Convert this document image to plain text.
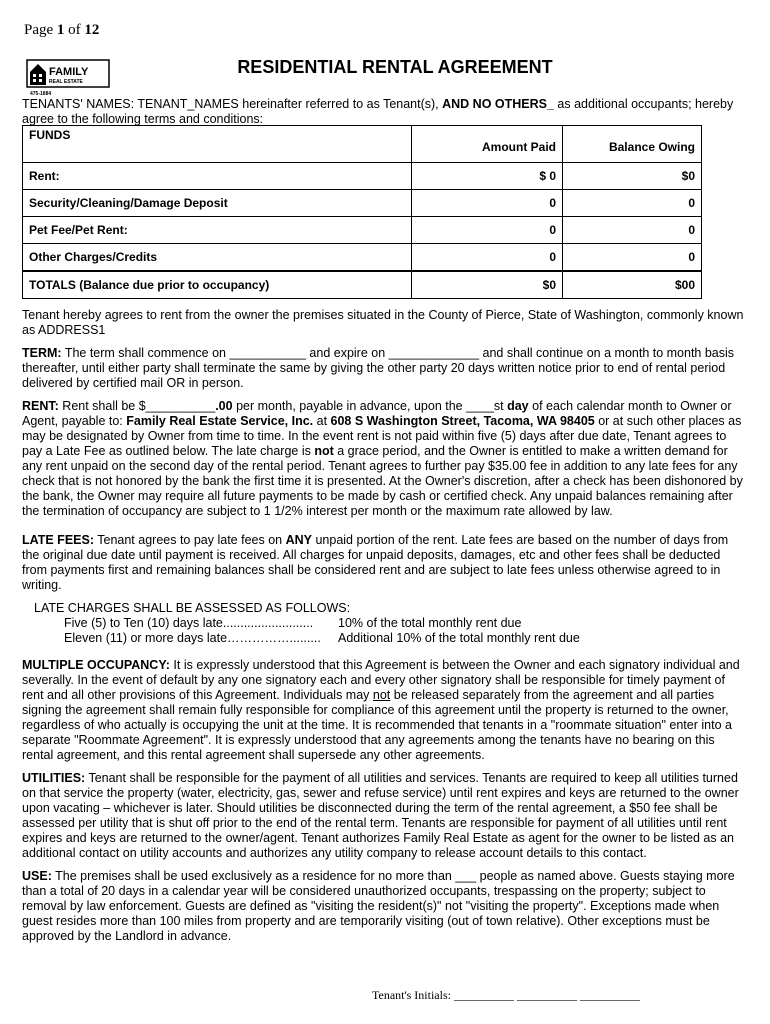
Page 1 of 12
FAMILY
REAL ESTATE
475-1884
RESIDENTIAL RENTAL AGREEMENT
TENANTS' NAMES: TENANT_NAMES hereinafter referred to as Tenant(s), AND NO OTHERS_ as additional occupants; hereby agree to the following terms and conditions:
FUNDS	Amount Paid	Balance Owing
Rent:	$ 0	$0
Security/Cleaning/Damage Deposit	0	0
Pet Fee/Pet Rent:	0	0
Other Charges/Credits	0	0
TOTALS (Balance due prior to occupancy)	$0	$00

Tenant hereby agrees to rent from the owner the premises situated in the County of Pierce, State of Washington, commonly known as ADDRESS1

TERM: The term shall commence on ___________ and expire on _____________ and shall continue on a month to month basis thereafter, until either party shall terminate the same by giving the other party 20 days written notice prior to end of rental period delivered by certified mail OR in person.

RENT: Rent shall be $__________.00 per month, payable in advance, upon the ____st day of each calendar month to Owner or Agent, payable to: Family Real Estate Service, Inc. at 608 S Washington Street, Tacoma, WA 98405 or at such other places as may be designated by Owner from time to time. In the event rent is not paid within five (5) days after due date, Tenant agrees to pay a Late Fee as outlined below. The late charge is not a grace period, and the Owner is entitled to make a written demand for any rent unpaid on the second day of the rental period. Tenant agrees to further pay $35.00 fee in addition to any late fees for any check that is not honored by the bank the first time it is presented. At the Owner's discretion, after a check has been dishonored by the bank, the Owner may require all future payments to be made by cash or certified check. Any unpaid balances remaining after the termination of occupancy are subject to 1 1/2% interest per month or the maximum rate allowed by law.

LATE FEES: Tenant agrees to pay late fees on ANY unpaid portion of the rent. Late fees are based on the number of days from the original due date until payment is received. All charges for unpaid deposits, damages, etc and other fees shall be deducted from payments first and remaining balances shall be considered rent and are subject to late fees unless otherwise agreed to in writing.

LATE CHARGES SHALL BE ASSESSED AS FOLLOWS:
Five (5) to Ten (10) days late..........................	10% of the total monthly rent due
Eleven (11) or more days late…………….........	Additional 10% of the total monthly rent due

MULTIPLE OCCUPANCY: It is expressly understood that this Agreement is between the Owner and each signatory individual and severally. In the event of default by any one signatory each and every other signatory shall be responsible for timely payment of rent and all other provisions of this Agreement. Individuals may not be released separately from the agreement and all parties signing the agreement shall remain fully responsible for compliance of this agreement until the property is returned to the owner, regardless of who actually is occupying the unit at the time. It is recommended that tenants in a "roommate situation" enter into a separate "Roommate Agreement". It is expressly understood that any agreements among the tenants have no bearing on this rental agreement, and this rental agreement shall supersede any other agreements.

UTILITIES: Tenant shall be responsible for the payment of all utilities and services. Tenants are required to keep all utilities turned on that service the property (water, electricity, gas, sewer and refuse service) until rent expires and keys are returned to the owner upon vacating – whichever is later. Should utilities be disconnected during the term of the rental agreement, a $50 fee shall be assessed per utility that is shut off prior to the end of the rental term. Tenants are responsible for payment of all utilities until rent expires and keys are returned to the owner/agent. Tenant authorizes Family Real Estate as agent for the owner to be listed as an additional contact on utility accounts and authorizes any utility company to release account details to this contact.

USE: The premises shall be used exclusively as a residence for no more than ___ people as named above. Guests staying more than a total of 20 days in a calendar year will be considered unauthorized occupants, trespassing on the property; subject to removal by law enforcement. Guests are defined as "visiting the resident(s)" not "visiting the property". Exceptions made when guest resides more than 100 miles from property and are temporarily visiting (out of town relative). Other exceptions must be approved by the Landlord in advance.

Tenant's Initials: __________ __________ __________
